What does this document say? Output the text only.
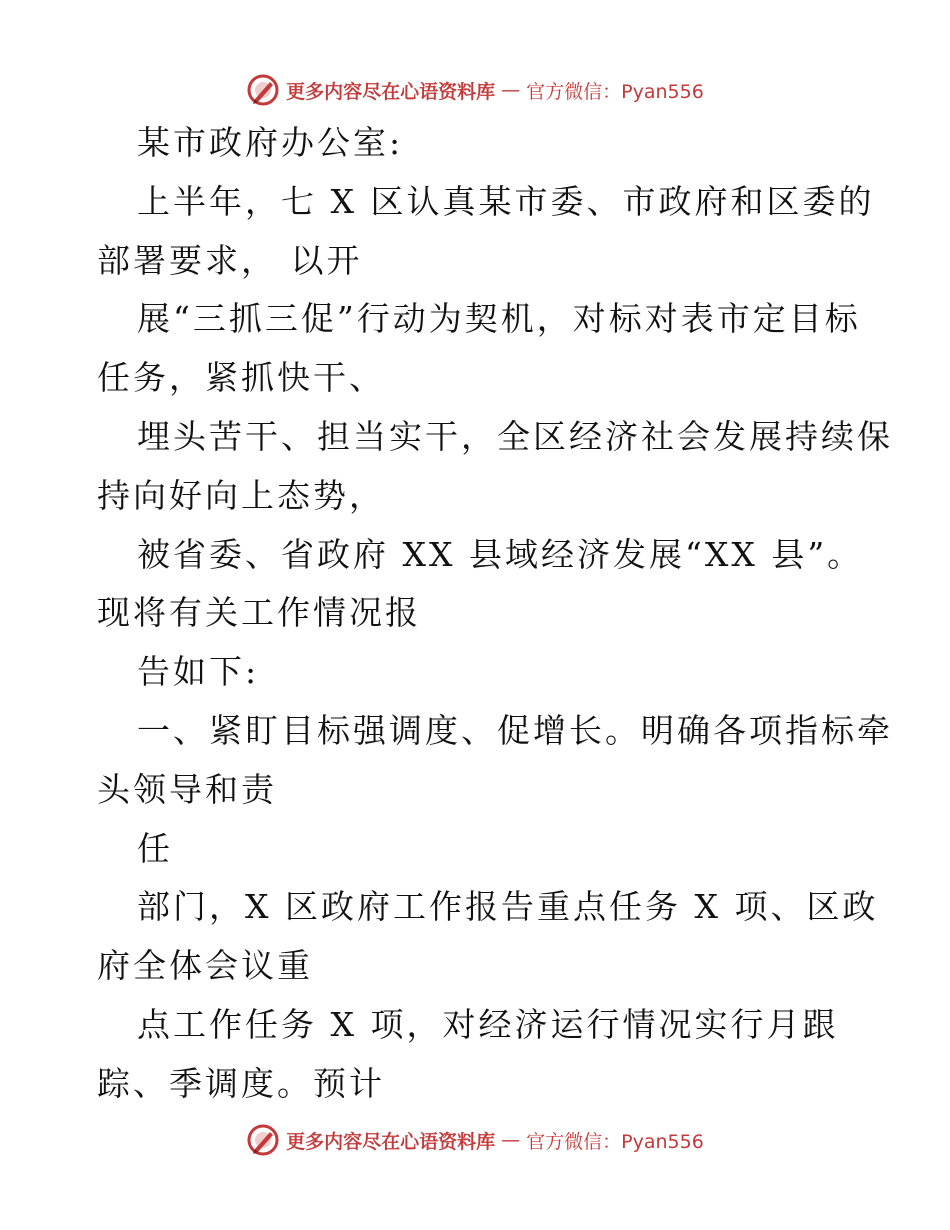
更多内容尽在心语资料库 — 官方微信：Pyan556
某市政府办公室:
上半年，七 X 区认真某市委、市政府和区委的
部署要求， 以开
展“三抓三促”行动为契机，对标对表市定目标
任务，紧抓快干、
埋头苦干、担当实干，全区经济社会发展持续保
持向好向上态势，
被省委、省政府 XX 县域经济发展“XX 县”。
现将有关工作情况报
告如下:
一、紧盯目标强调度、促增长。明确各项指标牵
头领导和责
任
部门，X 区政府工作报告重点任务 X 项、区政
府全体会议重
点工作任务 X 项，对经济运行情况实行月跟
踪、季调度。预计
更多内容尽在心语资料库 — 官方微信：Pyan556
